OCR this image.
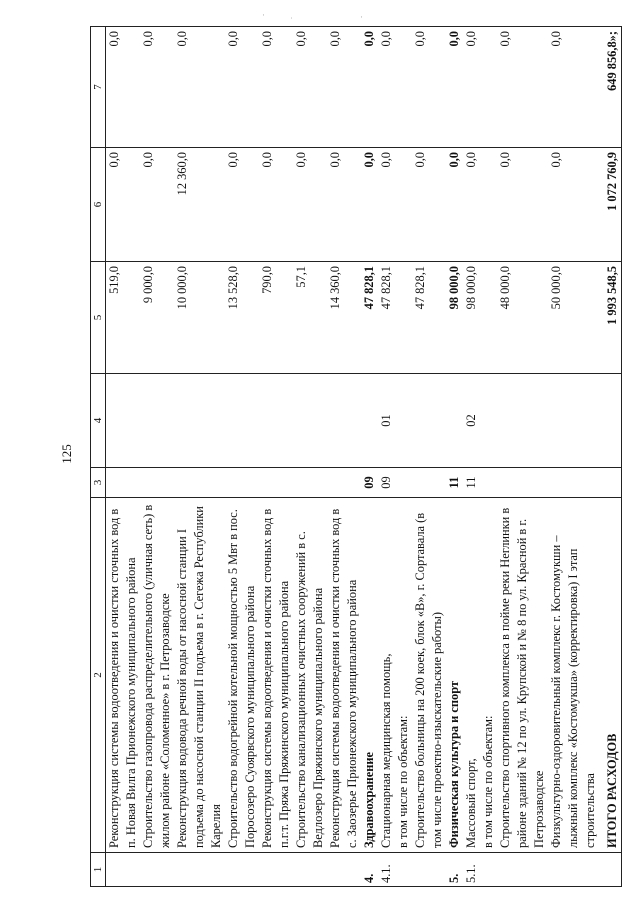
125
·
˙	·
1	2	3	4	5	6	7
	Реконструкция системы водоотведения и очистки сточных вод в п. Новая Вилга Прионежского муниципального района			519,0	0,0	0,0
	Строительство газопровода распределительного (уличная сеть) в жилом районе «Соломенное» в г. Петрозаводске			9 000,0	0,0	0,0
	Реконструкция водовода речной воды от насосной станции I подъема до насосной станции II подъема в г. Сегежа Республики Карелия			10 000,0	12 360,0	0,0
	Строительство водогрейной котельной мощностью 5 Мвт в пос. Поросозеро Суоярвского муниципального района			13 528,0	0,0	0,0
	Реконструкция системы водоотведения и очистки сточных вод в п.г.т. Пряжа Пряжинского муниципального района			790,0	0,0	0,0
	Строительство канализационных очистных сооружений в с. Ведлозеро Пряжинского муниципального района			57,1	0,0	0,0
	Реконструкция системы водоотведения и очистки сточных вод в с. Заозерье Прионежского муниципального района			14 360,0	0,0	0,0
4.	Здравоохранение	09		47 828,1	0,0	0,0
4.1.	Стационарная медицинская помощь,	09	01	47 828,1	0,0	0,0
	в том числе по объектам:					
	Строительство больницы на 200 коек, блок «В», г. Сортавала (в том числе проектно-изыскательские работы)			47 828,1	0,0	0,0
5.	Физическая культура и спорт	11		98 000,0	0,0	0,0
5.1.	Массовый спорт,	11	02	98 000,0	0,0	0,0
	в том числе по объектам:					
	Строительство спортивного комплекса в пойме реки Неглинки в районе зданий № 12 по ул. Крупской и № 8 по ул. Красной в г. Петрозаводске			48 000,0	0,0	0,0
	Физкультурно-оздоровительный комплекс г. Костомукши – лыжный комплекс «Костомукша» (корректировка) I этап строительства			50 000,0	0,0	0,0
	ИТОГО РАСХОДОВ			1 993 548,5	1 072 760,9	649 856,8»;
